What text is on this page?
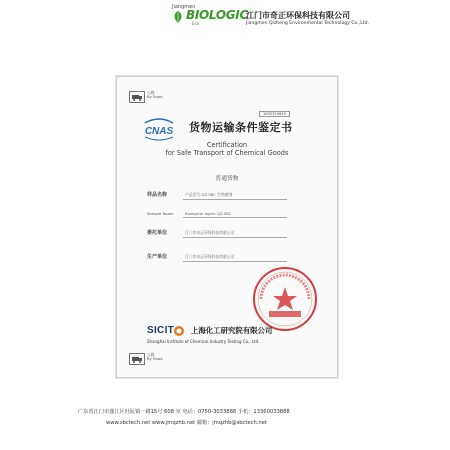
Jiangmen
BIOLOGIC
Eco
江门市奇正环保科技有限公司
Jiangmen Qizheng Environmental Technology Co.,Ltd.
公路
By Road
1632319849
CNAS 货物运输条件鉴定书
Certification
for Safe Transport of Chemical Goods
普通货物
样品名称	产品型号:QZ-SBC 生物菌剂
Sample Name	Biological Agent QZ-SBC
委托单位	江门市奇正环保科技有限公司
生产单位	江门市奇正环保科技有限公司
SICIT 上海化工研究院有限公司
Shanghai Institute of Chemical Industry Testing Co., Ltd.
公路
By Road
广东省江门市蓬江区杜阮镇一路15号 608 室 电话：0750-3033888 手机：13360033888
www.sbctech.net www.jmqzhb.net 邮箱：jmqzhb@sbctech.net
